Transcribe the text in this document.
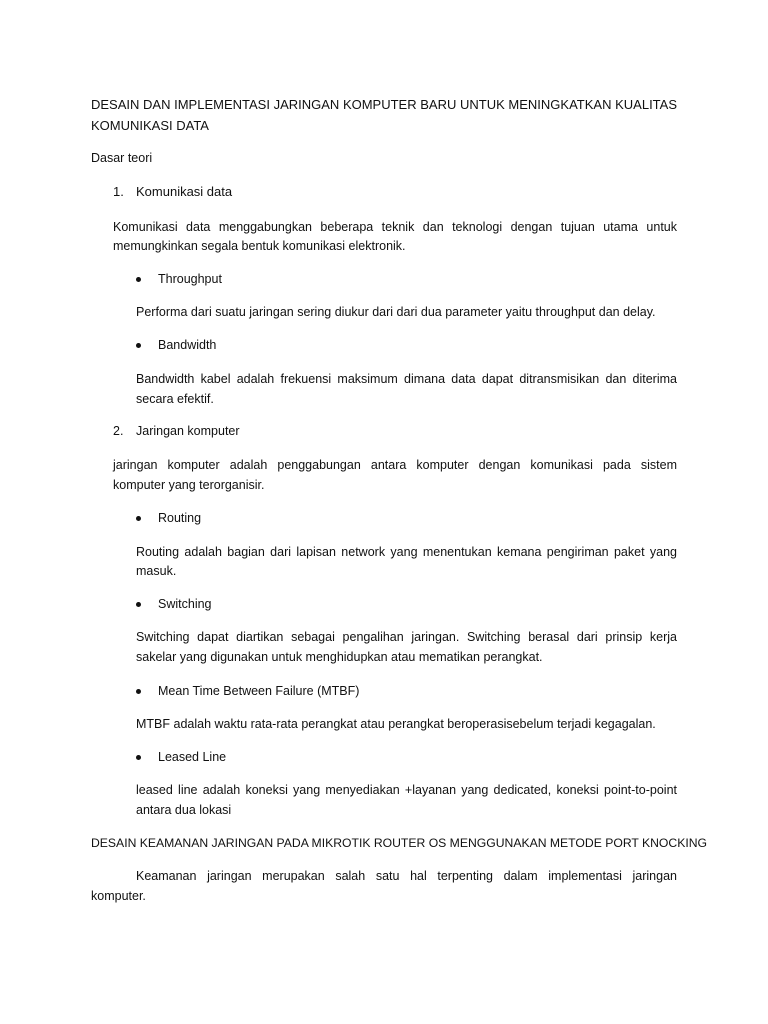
DESAIN DAN IMPLEMENTASI JARINGAN KOMPUTER BARU UNTUK MENINGKATKAN KUALITAS
KOMUNIKASI DATA
Dasar teori
1. Komunikasi data
Komunikasi data menggabungkan beberapa teknik dan teknologi dengan tujuan utama untuk
memungkinkan segala bentuk komunikasi elektronik.
Throughput
Performa dari suatu jaringan sering diukur dari dari dua parameter yaitu throughput dan delay.
Bandwidth
Bandwidth kabel adalah frekuensi maksimum dimana data dapat ditransmisikan dan diterima
secara efektif.
2. Jaringan komputer
jaringan komputer adalah penggabungan antara komputer dengan komunikasi pada sistem
komputer yang terorganisir.
Routing
Routing adalah bagian dari lapisan network yang menentukan kemana pengiriman paket yang
masuk.
Switching
Switching dapat diartikan sebagai pengalihan jaringan. Switching berasal dari prinsip kerja
sakelar yang digunakan untuk menghidupkan atau mematikan perangkat.
Mean Time Between Failure (MTBF)
MTBF adalah waktu rata-rata perangkat atau perangkat beroperasisebelum terjadi kegagalan.
Leased Line
leased line adalah koneksi yang menyediakan +layanan yang dedicated, koneksi point-to-point
antara dua lokasi
DESAIN KEAMANAN JARINGAN PADA MIKROTIK ROUTER OS MENGGUNAKAN METODE PORT KNOCKING
Keamanan jaringan merupakan salah satu hal terpenting dalam implementasi jaringan
komputer.
